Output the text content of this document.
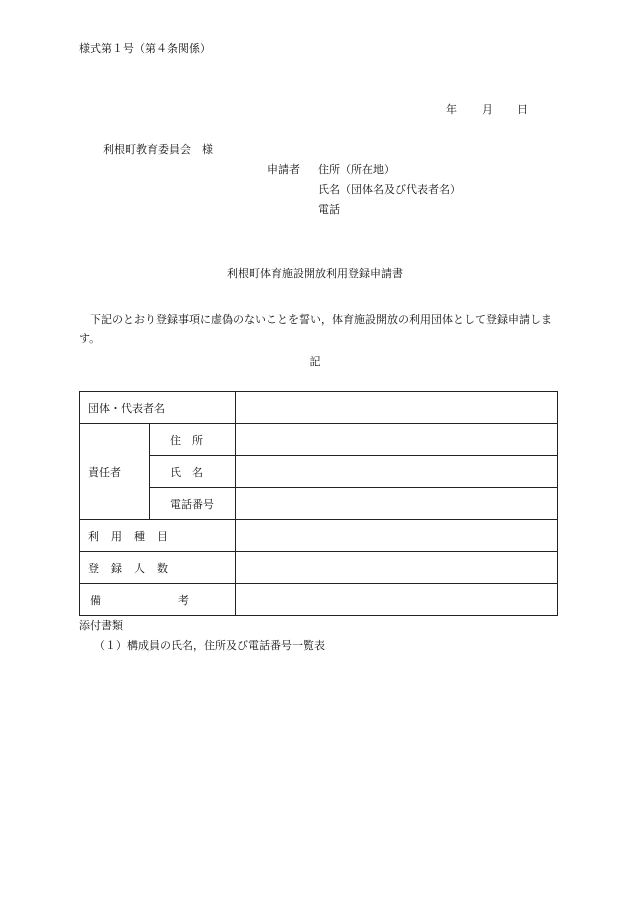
様式第１号（第４条関係）
年 月 日
利根町教育委員会　様
申請者 住所（所在地）
氏名（団体名及び代表者名）
電話
利根町体育施設開放利用登録申請書
下記のとおり登録事項に虚偽のないことを誓い，体育施設開放の利用団体として登録申請します。
記
団体・代表者名		
責任者	住　所	
	氏　名	
	電話番号	
利用種目		
登録人数		
備 考		
添付書類
（１）構成員の氏名，住所及び電話番号一覧表
